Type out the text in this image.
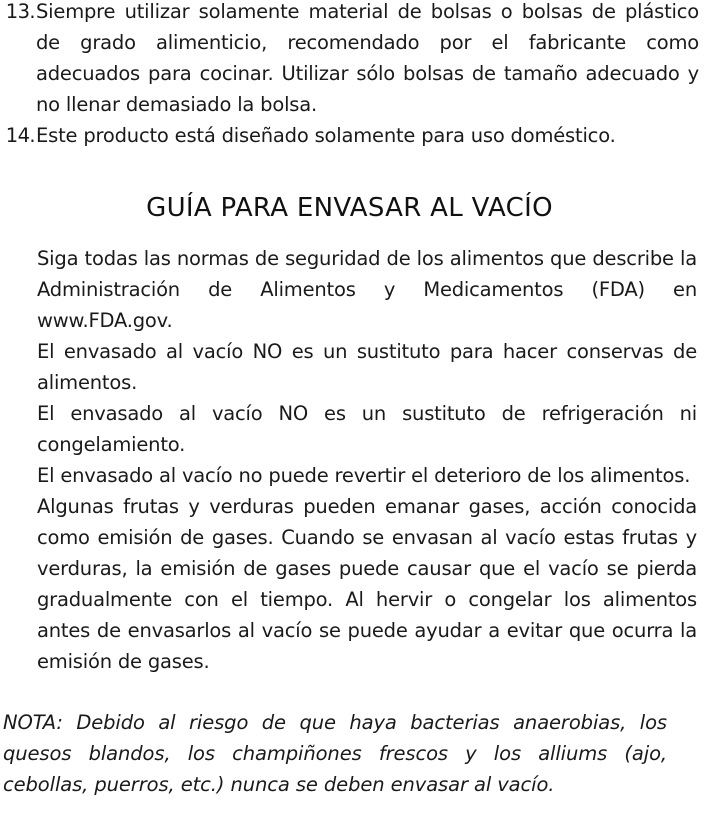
13. Siempre utilizar solamente material de bolsas o bolsas de plástico de grado alimenticio, recomendado por el fabricante como adecuados para cocinar. Utilizar sólo bolsas de tamaño adecuado y no llenar demasiado la bolsa.
14. Este producto está diseñado solamente para uso doméstico.
GUÍA PARA ENVASAR AL VACÍO

Siga todas las normas de seguridad de los alimentos que describe la Administración de Alimentos y Medicamentos (FDA) en www.FDA.gov.

El envasado al vacío NO es un sustituto para hacer conservas de alimentos.

El envasado al vacío NO es un sustituto de refrigeración ni congelamiento.

El envasado al vacío no puede revertir el deterioro de los alimentos.

Algunas frutas y verduras pueden emanar gases, acción conocida como emisión de gases. Cuando se envasan al vacío estas frutas y verduras, la emisión de gases puede causar que el vacío se pierda gradualmente con el tiempo. Al hervir o congelar los alimentos antes de envasarlos al vacío se puede ayudar a evitar que ocurra la emisión de gases.

NOTA: Debido al riesgo de que haya bacterias anaerobias, los quesos blandos, los champiñones frescos y los alliums (ajo, cebollas, puerros, etc.) nunca se deben envasar al vacío.
